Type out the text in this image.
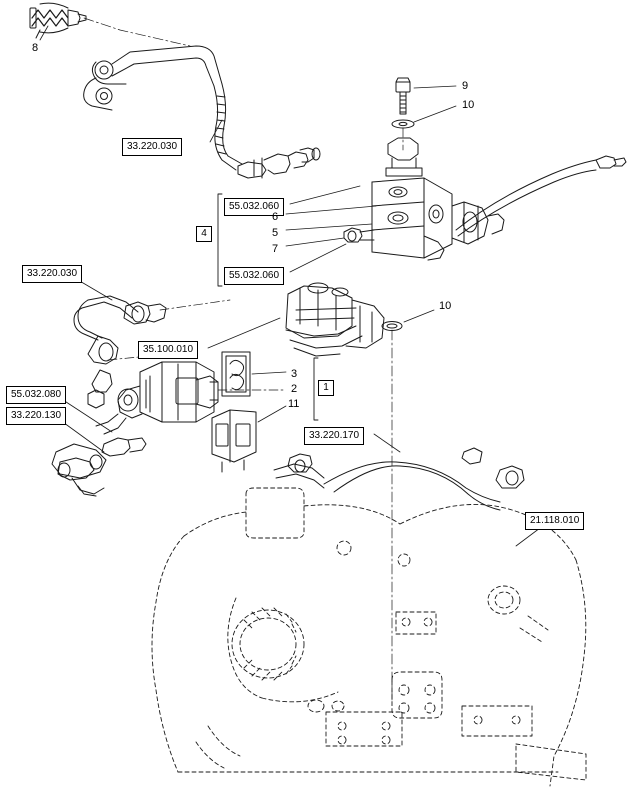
33.220.030
55.032.060
55.032.060
33.220.030
35.100.010
55.032.080
33.220.130
33.220.170
21.118.010
8
9
10
6
5
7
10
3
2
11
4
1
